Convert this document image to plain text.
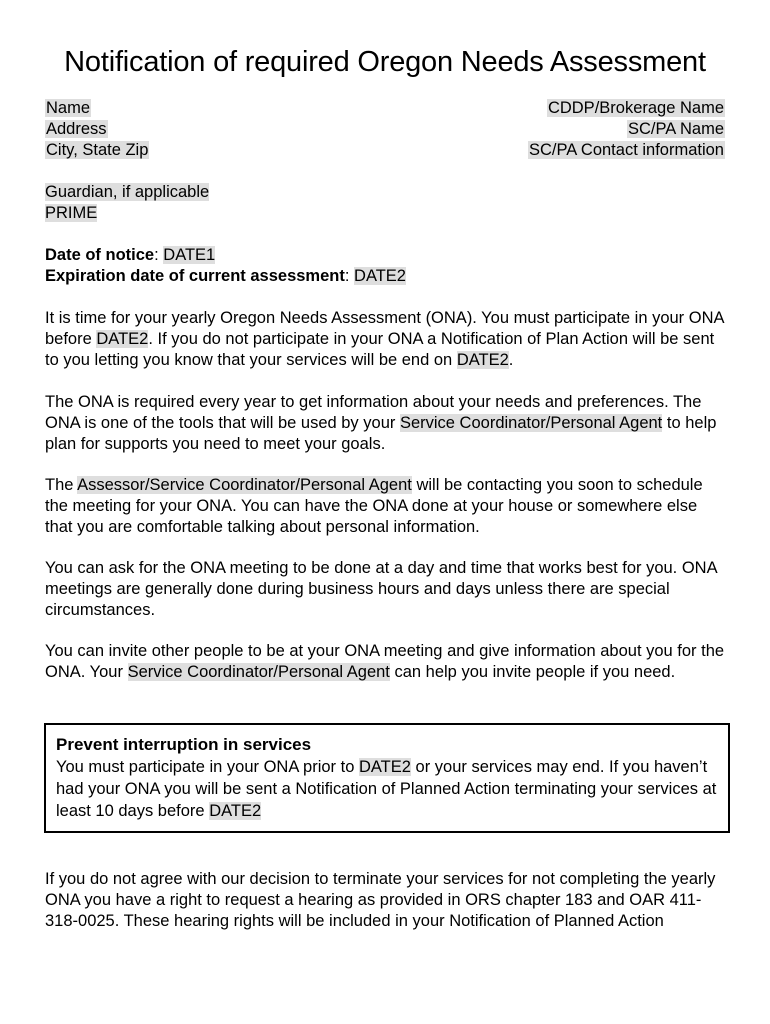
Notification of required Oregon Needs Assessment
Name
Address
City, State Zip
CDDP/Brokerage Name
SC/PA Name
SC/PA Contact information
Guardian, if applicable
PRIME
Date of notice: DATE1
Expiration date of current assessment: DATE2
It is time for your yearly Oregon Needs Assessment (ONA). You must participate in your ONA before DATE2. If you do not participate in your ONA a Notification of Plan Action will be sent to you letting you know that your services will be end on DATE2.
The ONA is required every year to get information about your needs and preferences. The ONA is one of the tools that will be used by your Service Coordinator/Personal Agent to help plan for supports you need to meet your goals.
The Assessor/Service Coordinator/Personal Agent will be contacting you soon to schedule the meeting for your ONA. You can have the ONA done at your house or somewhere else that you are comfortable talking about personal information.
You can ask for the ONA meeting to be done at a day and time that works best for you. ONA meetings are generally done during business hours and days unless there are special circumstances.
You can invite other people to be at your ONA meeting and give information about you for the ONA. Your Service Coordinator/Personal Agent can help you invite people if you need.
Prevent interruption in services
You must participate in your ONA prior to DATE2 or your services may end. If you haven’t had your ONA you will be sent a Notification of Planned Action terminating your services at least 10 days before DATE2
If you do not agree with our decision to terminate your services for not completing the yearly ONA you have a right to request a hearing as provided in ORS chapter 183 and OAR 411-318-0025. These hearing rights will be included in your Notification of Planned Action
